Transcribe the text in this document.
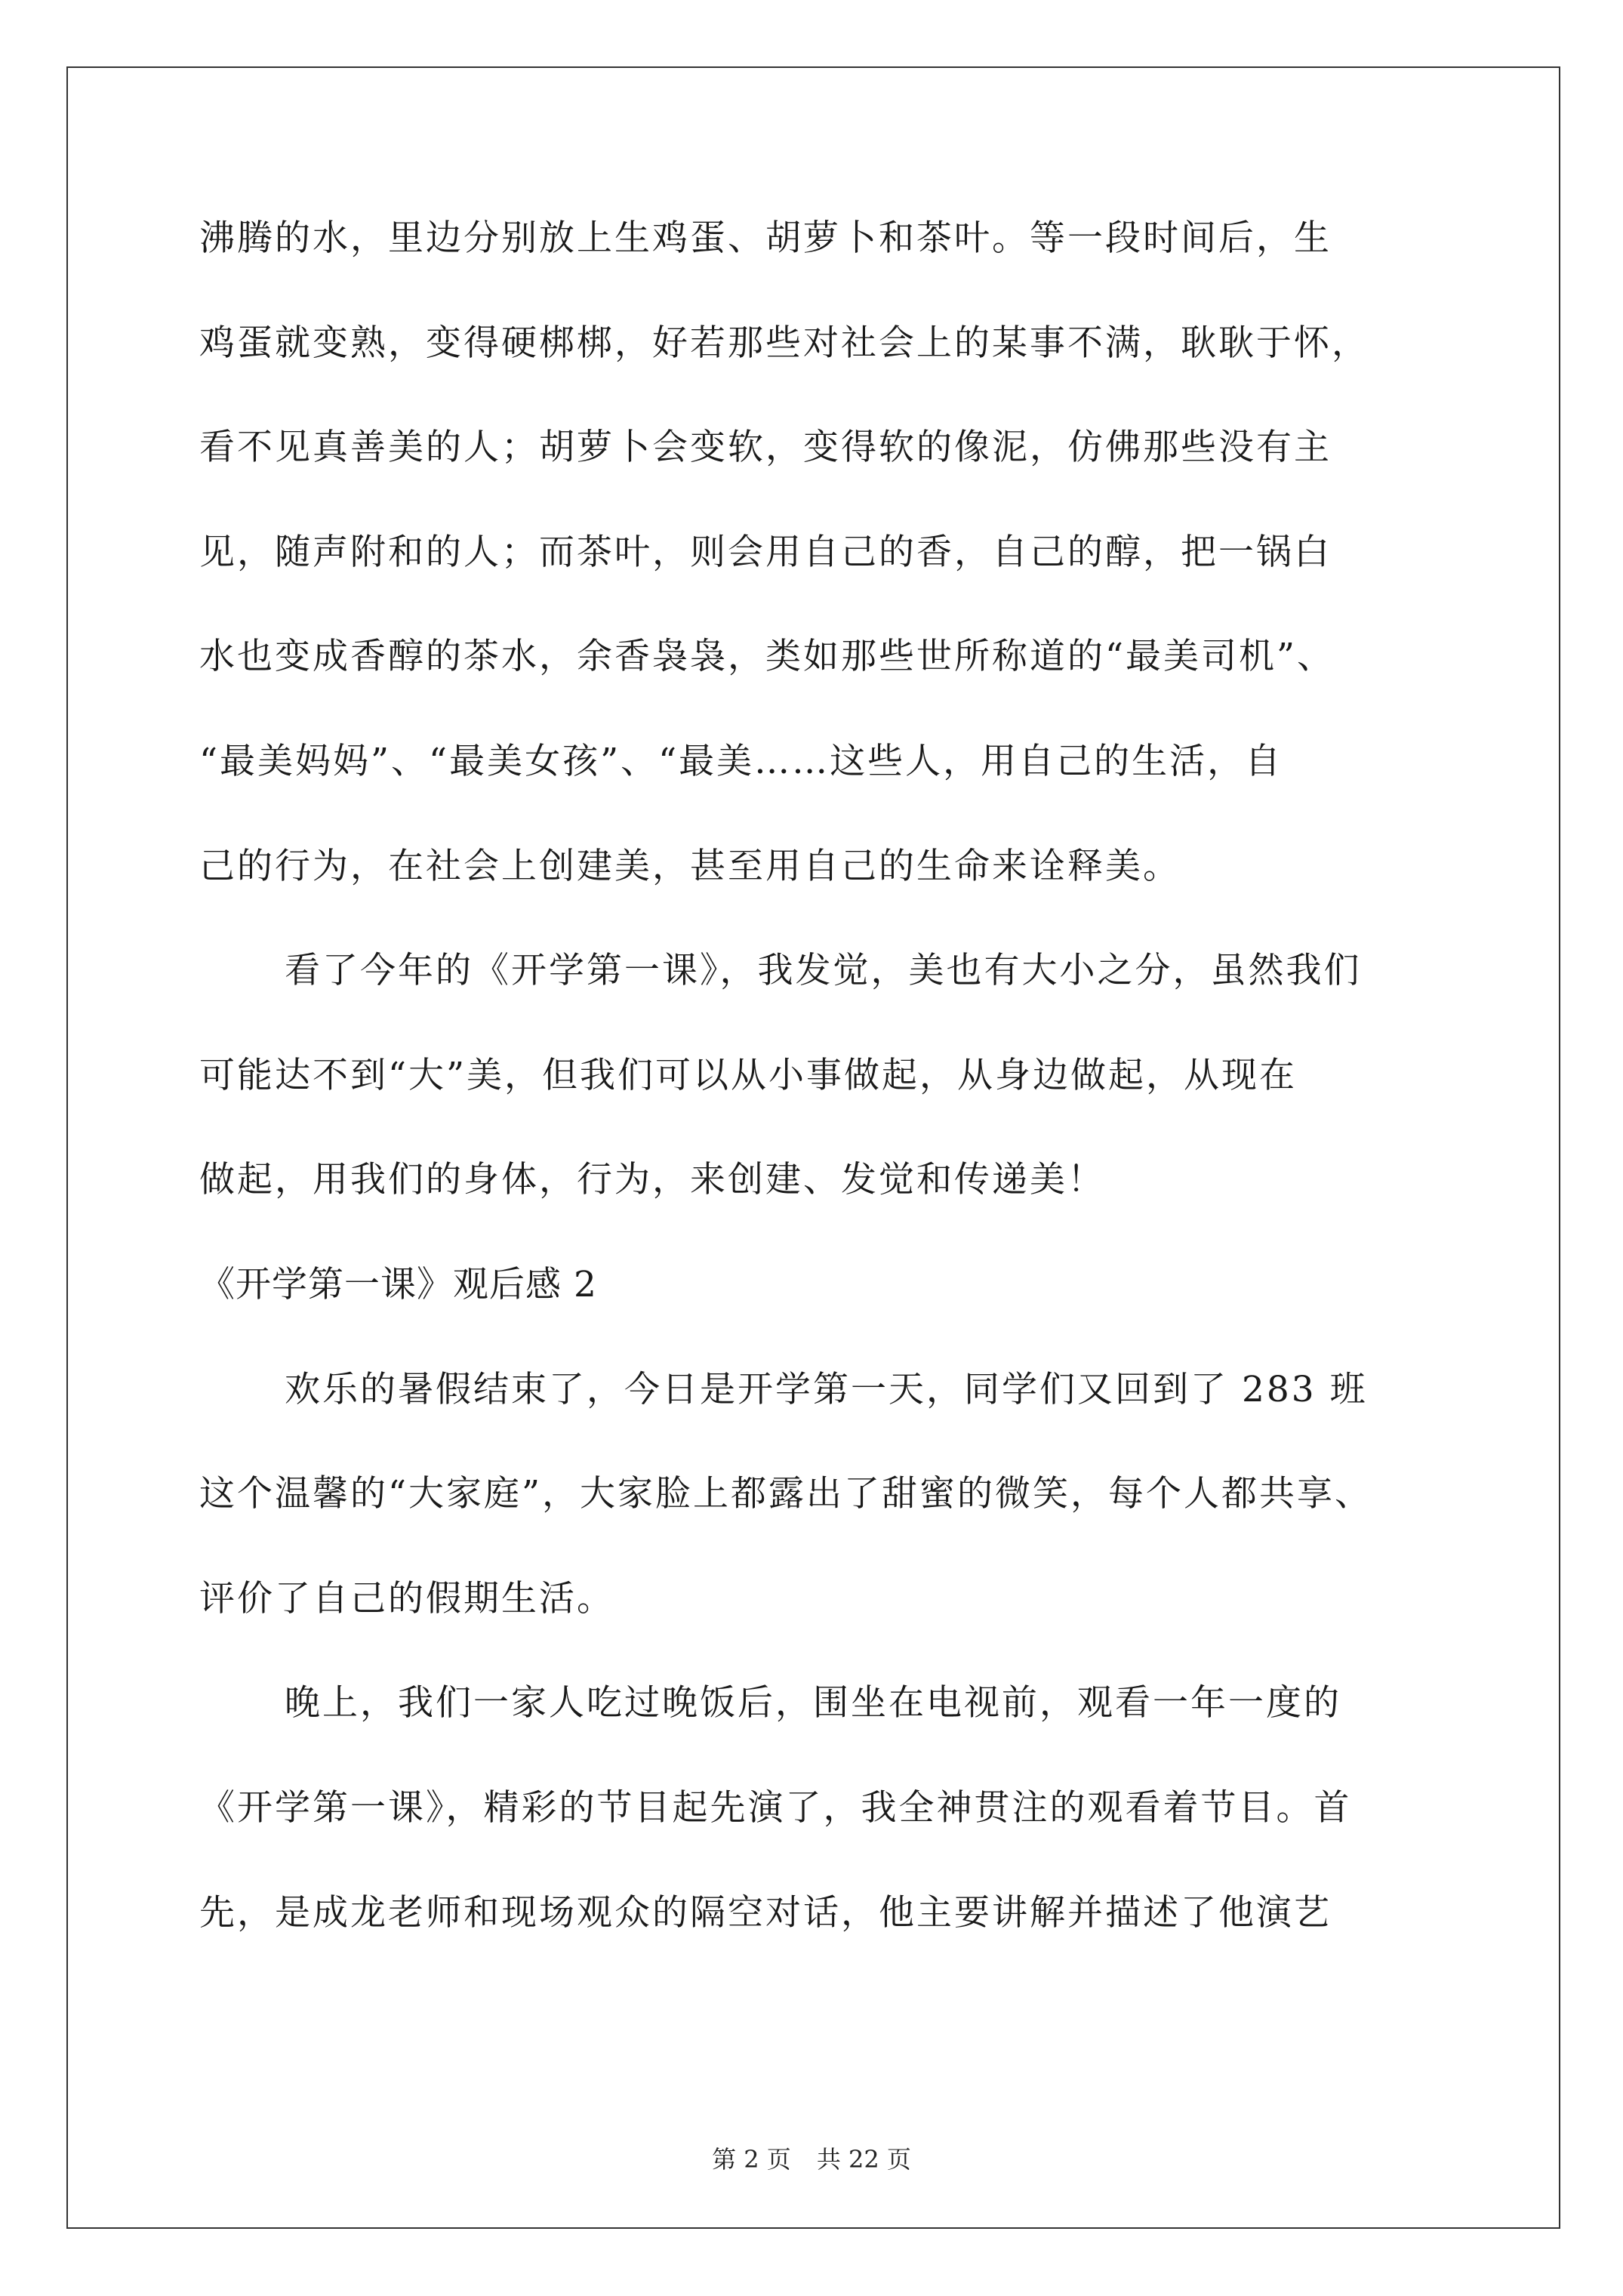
沸腾的水，里边分别放上生鸡蛋、胡萝卜和茶叶。等一段时间后，生

鸡蛋就变熟，变得硬梆梆，好若那些对社会上的某事不满，耿耿于怀，

看不见真善美的人；胡萝卜会变软，变得软的像泥，仿佛那些没有主

见，随声附和的人；而茶叶，则会用自己的香，自己的醇，把一锅白

水也变成香醇的茶水，余香袅袅，类如那些世所称道的“最美司机”、

“最美妈妈”、“最美女孩”、“最美……这些人，用自己的生活，自

己的行为，在社会上创建美，甚至用自己的生命来诠释美。

看了今年的《开学第一课》，我发觉，美也有大小之分，虽然我们

可能达不到“大”美，但我们可以从小事做起，从身边做起，从现在

做起，用我们的身体，行为，来创建、发觉和传递美！

《开学第一课》观后感 2

欢乐的暑假结束了，今日是开学第一天，同学们又回到了 283 班

这个温馨的“大家庭”，大家脸上都露出了甜蜜的微笑，每个人都共享、

评价了自己的假期生活。

晚上，我们一家人吃过晚饭后，围坐在电视前，观看一年一度的

《开学第一课》，精彩的节目起先演了，我全神贯注的观看着节目。首

先，是成龙老师和现场观众的隔空对话，他主要讲解并描述了他演艺

第 2 页 共 22 页
